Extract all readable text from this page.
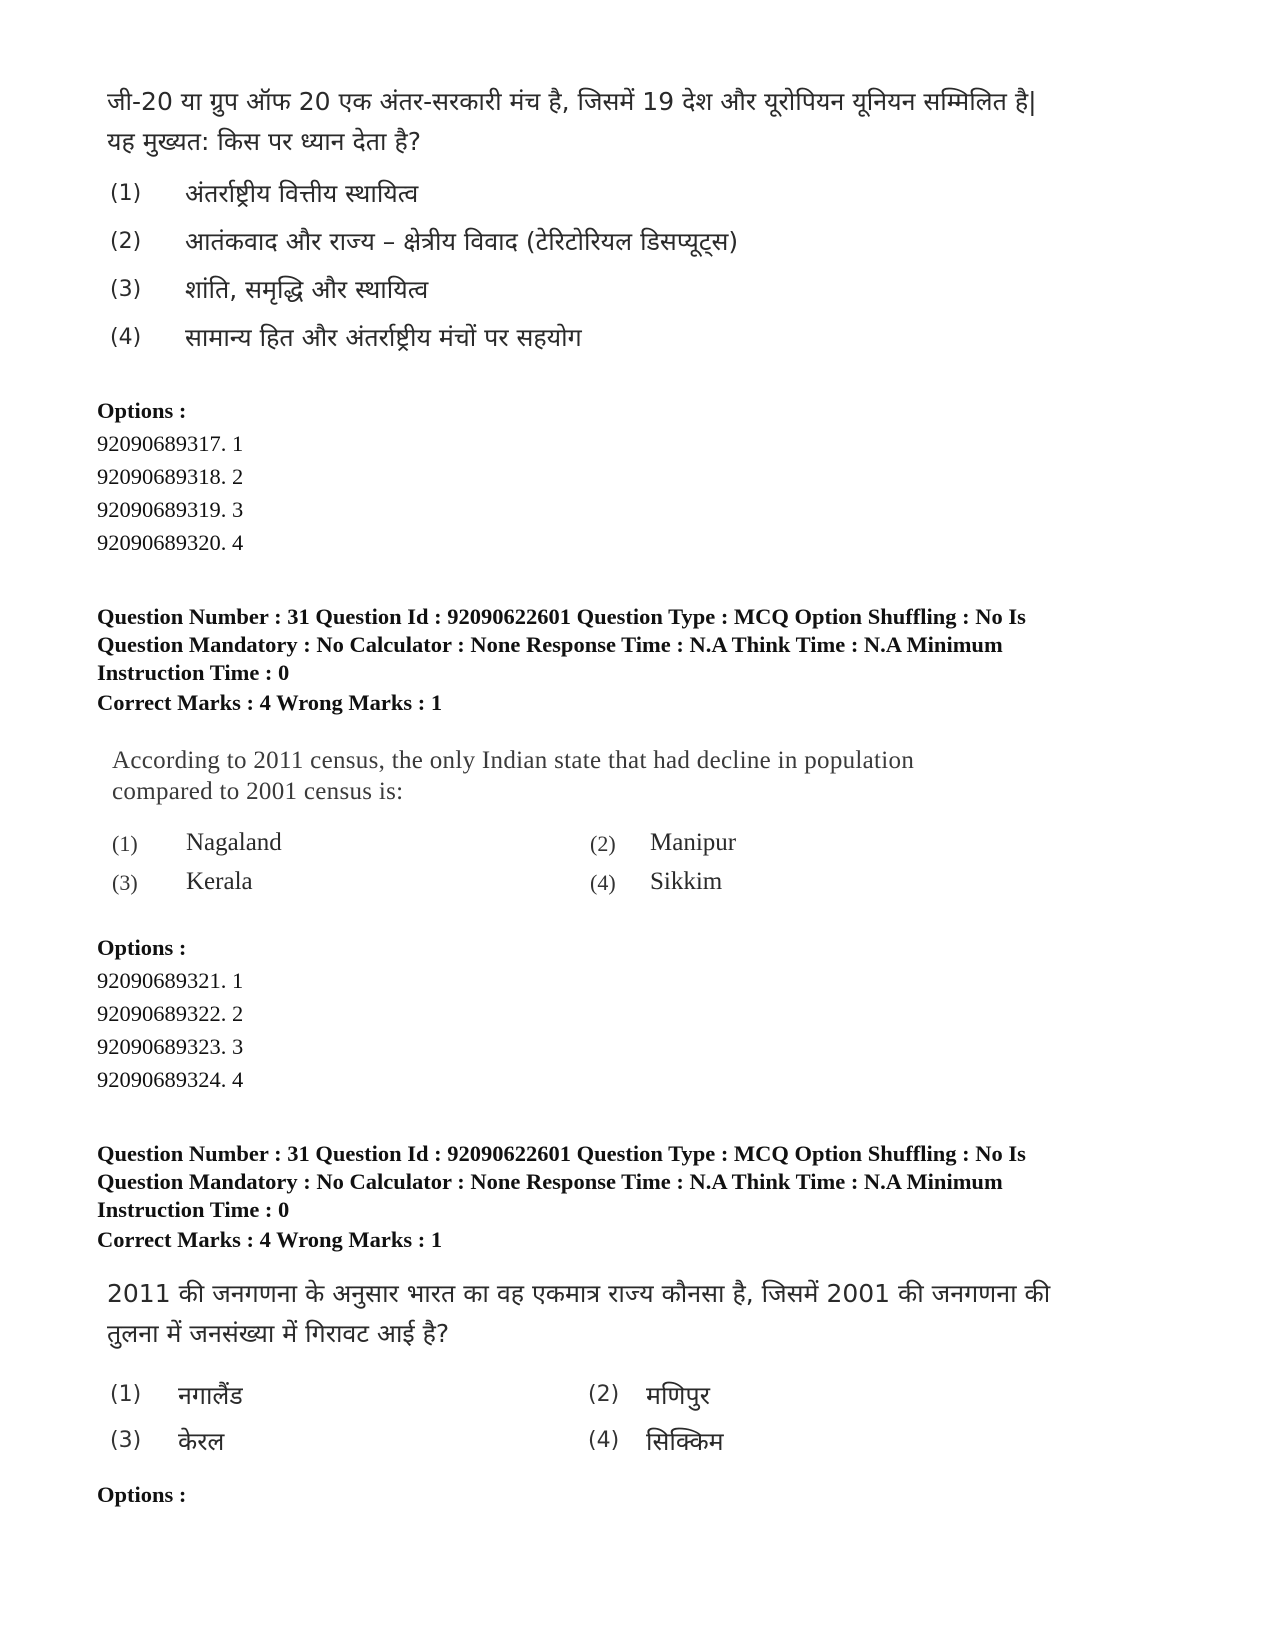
जी-20 या ग्रुप ऑफ 20 एक अंतर-सरकारी मंच है, जिसमें 19 देश और यूरोपियन यूनियन सम्मिलित है|
यह मुख्यत: किस पर ध्यान देता है?
(1) अंतर्राष्ट्रीय वित्तीय स्थायित्व
(2) आतंकवाद और राज्य – क्षेत्रीय विवाद (टेरिटोरियल डिसप्यूट्स)
(3) शांति, समृद्धि और स्थायित्व
(4) सामान्य हित और अंतर्राष्ट्रीय मंचों पर सहयोग
Options :
92090689317. 1
92090689318. 2
92090689319. 3
92090689320. 4
Question Number : 31 Question Id : 92090622601 Question Type : MCQ Option Shuffling : No Is
Question Mandatory : No Calculator : None Response Time : N.A Think Time : N.A Minimum
Instruction Time : 0
Correct Marks : 4 Wrong Marks : 1
According to 2011 census, the only Indian state that had decline in population
compared to 2001 census is:
(1) Nagaland	(2) Manipur
(3) Kerala	(4) Sikkim
Options :
92090689321. 1
92090689322. 2
92090689323. 3
92090689324. 4
Question Number : 31 Question Id : 92090622601 Question Type : MCQ Option Shuffling : No Is
Question Mandatory : No Calculator : None Response Time : N.A Think Time : N.A Minimum
Instruction Time : 0
Correct Marks : 4 Wrong Marks : 1
2011 की जनगणना के अनुसार भारत का वह एकमात्र राज्य कौनसा है, जिसमें 2001 की जनगणना की
तुलना में जनसंख्या में गिरावट आई है?
(1) नगालैंड	(2) मणिपुर
(3) केरल	(4) सिक्किम
Options :
